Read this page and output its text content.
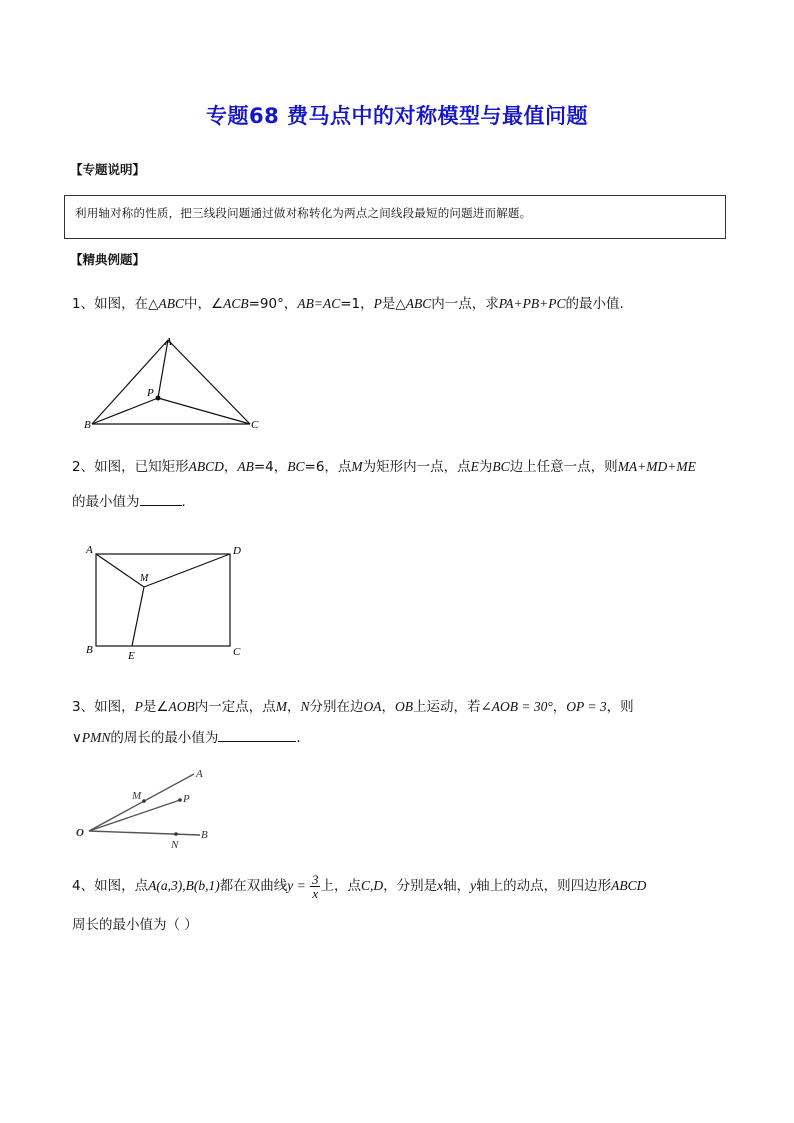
专题68 费马点中的对称模型与最值问题
【专题说明】
利用轴对称的性质，把三线段问题通过做对称转化为两点之间线段最短的问题进而解题。
【精典例题】
1、如图，在△ABC中，∠ACB=90°，AB=AC=1，P是△ABC内一点，求PA+PB+PC的最小值.
A
B	C
P
2、如图，已知矩形ABCD，AB=4，BC=6，点M为矩形内一点，点E为BC边上任意一点，则MA+MD+ME
的最小值为	.
A	D
M
B	E	C
3、如图，P是∠AOB内一定点，点M，N分别在边OA，OB上运动，若∠AOB = 30°，OP = 3，则
∨PMN的周长的最小值为	.
A
M	P
O	B
N
4、如图，点A(a,3),B(b,1)都在双曲线$y = \frac{3}{x}$ 上，点C,D，分别是x轴，y轴上的动点，则四边形ABCD
周长的最小值为（ ）
